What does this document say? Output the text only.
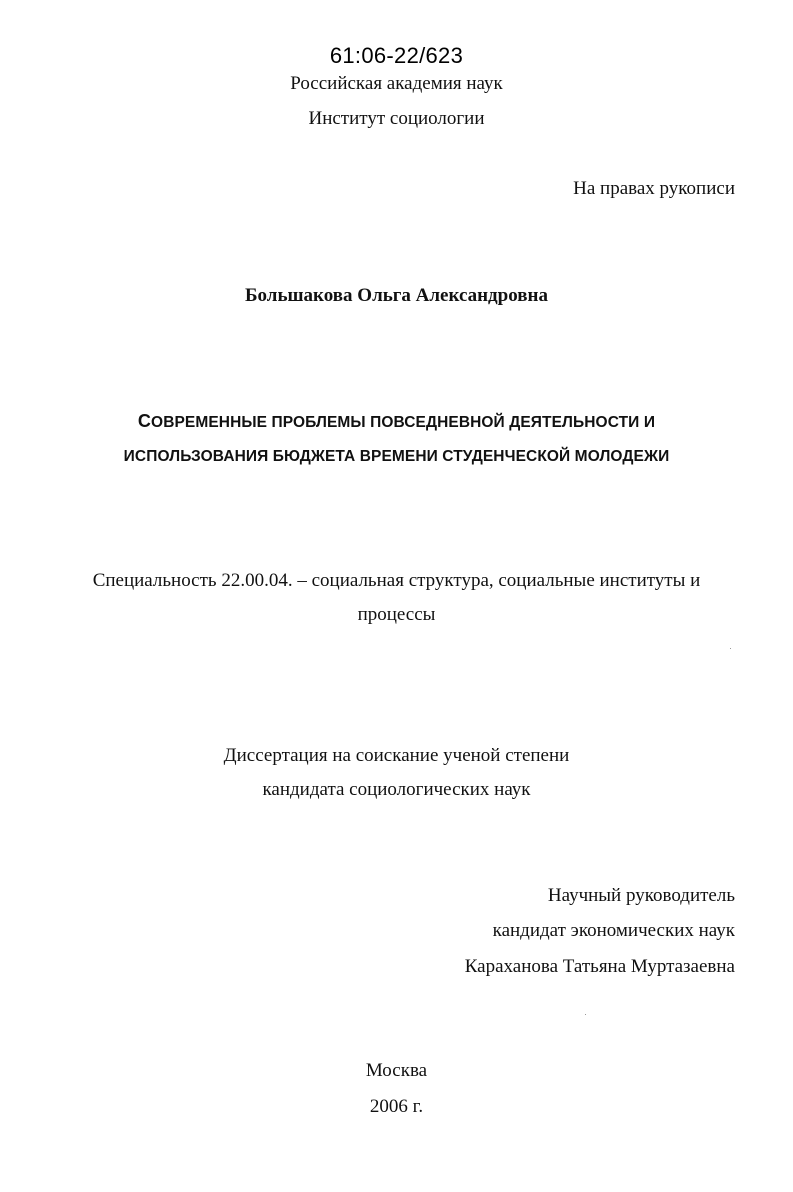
61:06-22/623
Российская академия наук
Институт социологии
На правах рукописи
Большакова Ольга Александровна
СОВРЕМЕННЫЕ ПРОБЛЕМЫ ПОВСЕДНЕВНОЙ ДЕЯТЕЛЬНОСТИ И
ИСПОЛЬЗОВАНИЯ БЮДЖЕТА ВРЕМЕНИ СТУДЕНЧЕСКОЙ МОЛОДЕЖИ
Специальность 22.00.04. – социальная структура, социальные институты и
процессы
Диссертация на соискание ученой степени
кандидата социологических наук
Научный руководитель
кандидат экономических наук
Караханова Татьяна Муртазаевна
Москва
2006 г.
